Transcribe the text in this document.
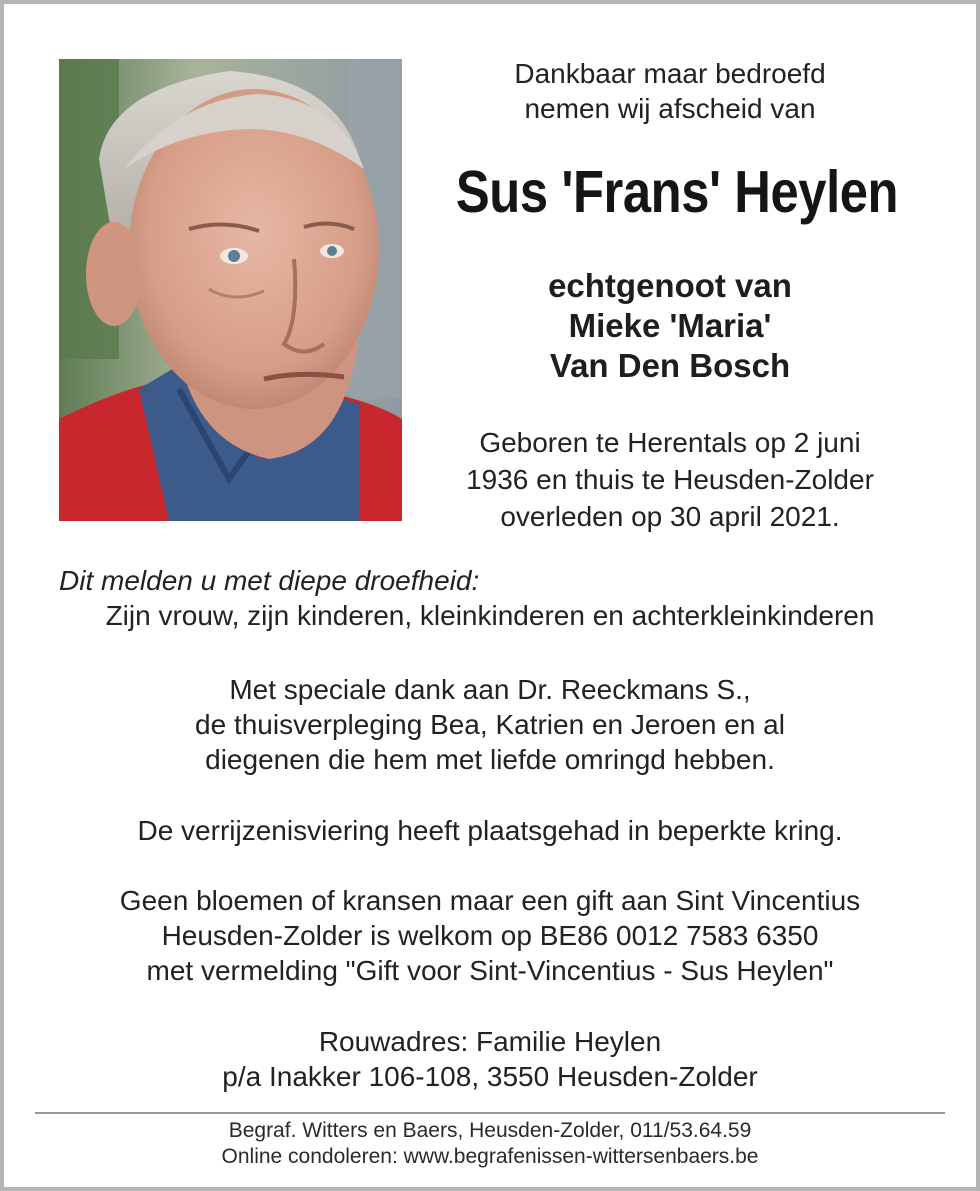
Dankbaar maar bedroefd
nemen wij afscheid van
Sus 'Frans' Heylen
echtgenoot van
Mieke 'Maria'
Van Den Bosch
Geboren te Herentals op 2 juni
1936 en thuis te Heusden-Zolder
overleden op 30 april 2021.
Dit melden u met diepe droefheid:
Zijn vrouw, zijn kinderen, kleinkinderen en achterkleinkinderen
Met speciale dank aan Dr. Reeckmans S.,
de thuisverpleging Bea, Katrien en Jeroen en al
diegenen die hem met liefde omringd hebben.
De verrijzenisviering heeft plaatsgehad in beperkte kring.
Geen bloemen of kransen maar een gift aan Sint Vincentius
Heusden-Zolder is welkom op BE86 0012 7583 6350
met vermelding "Gift voor Sint-Vincentius - Sus Heylen"
Rouwadres: Familie Heylen
p/a Inakker 106-108, 3550 Heusden-Zolder
Begraf. Witters en Baers, Heusden-Zolder, 011/53.64.59
Online condoleren: www.begrafenissen-wittersenbaers.be
